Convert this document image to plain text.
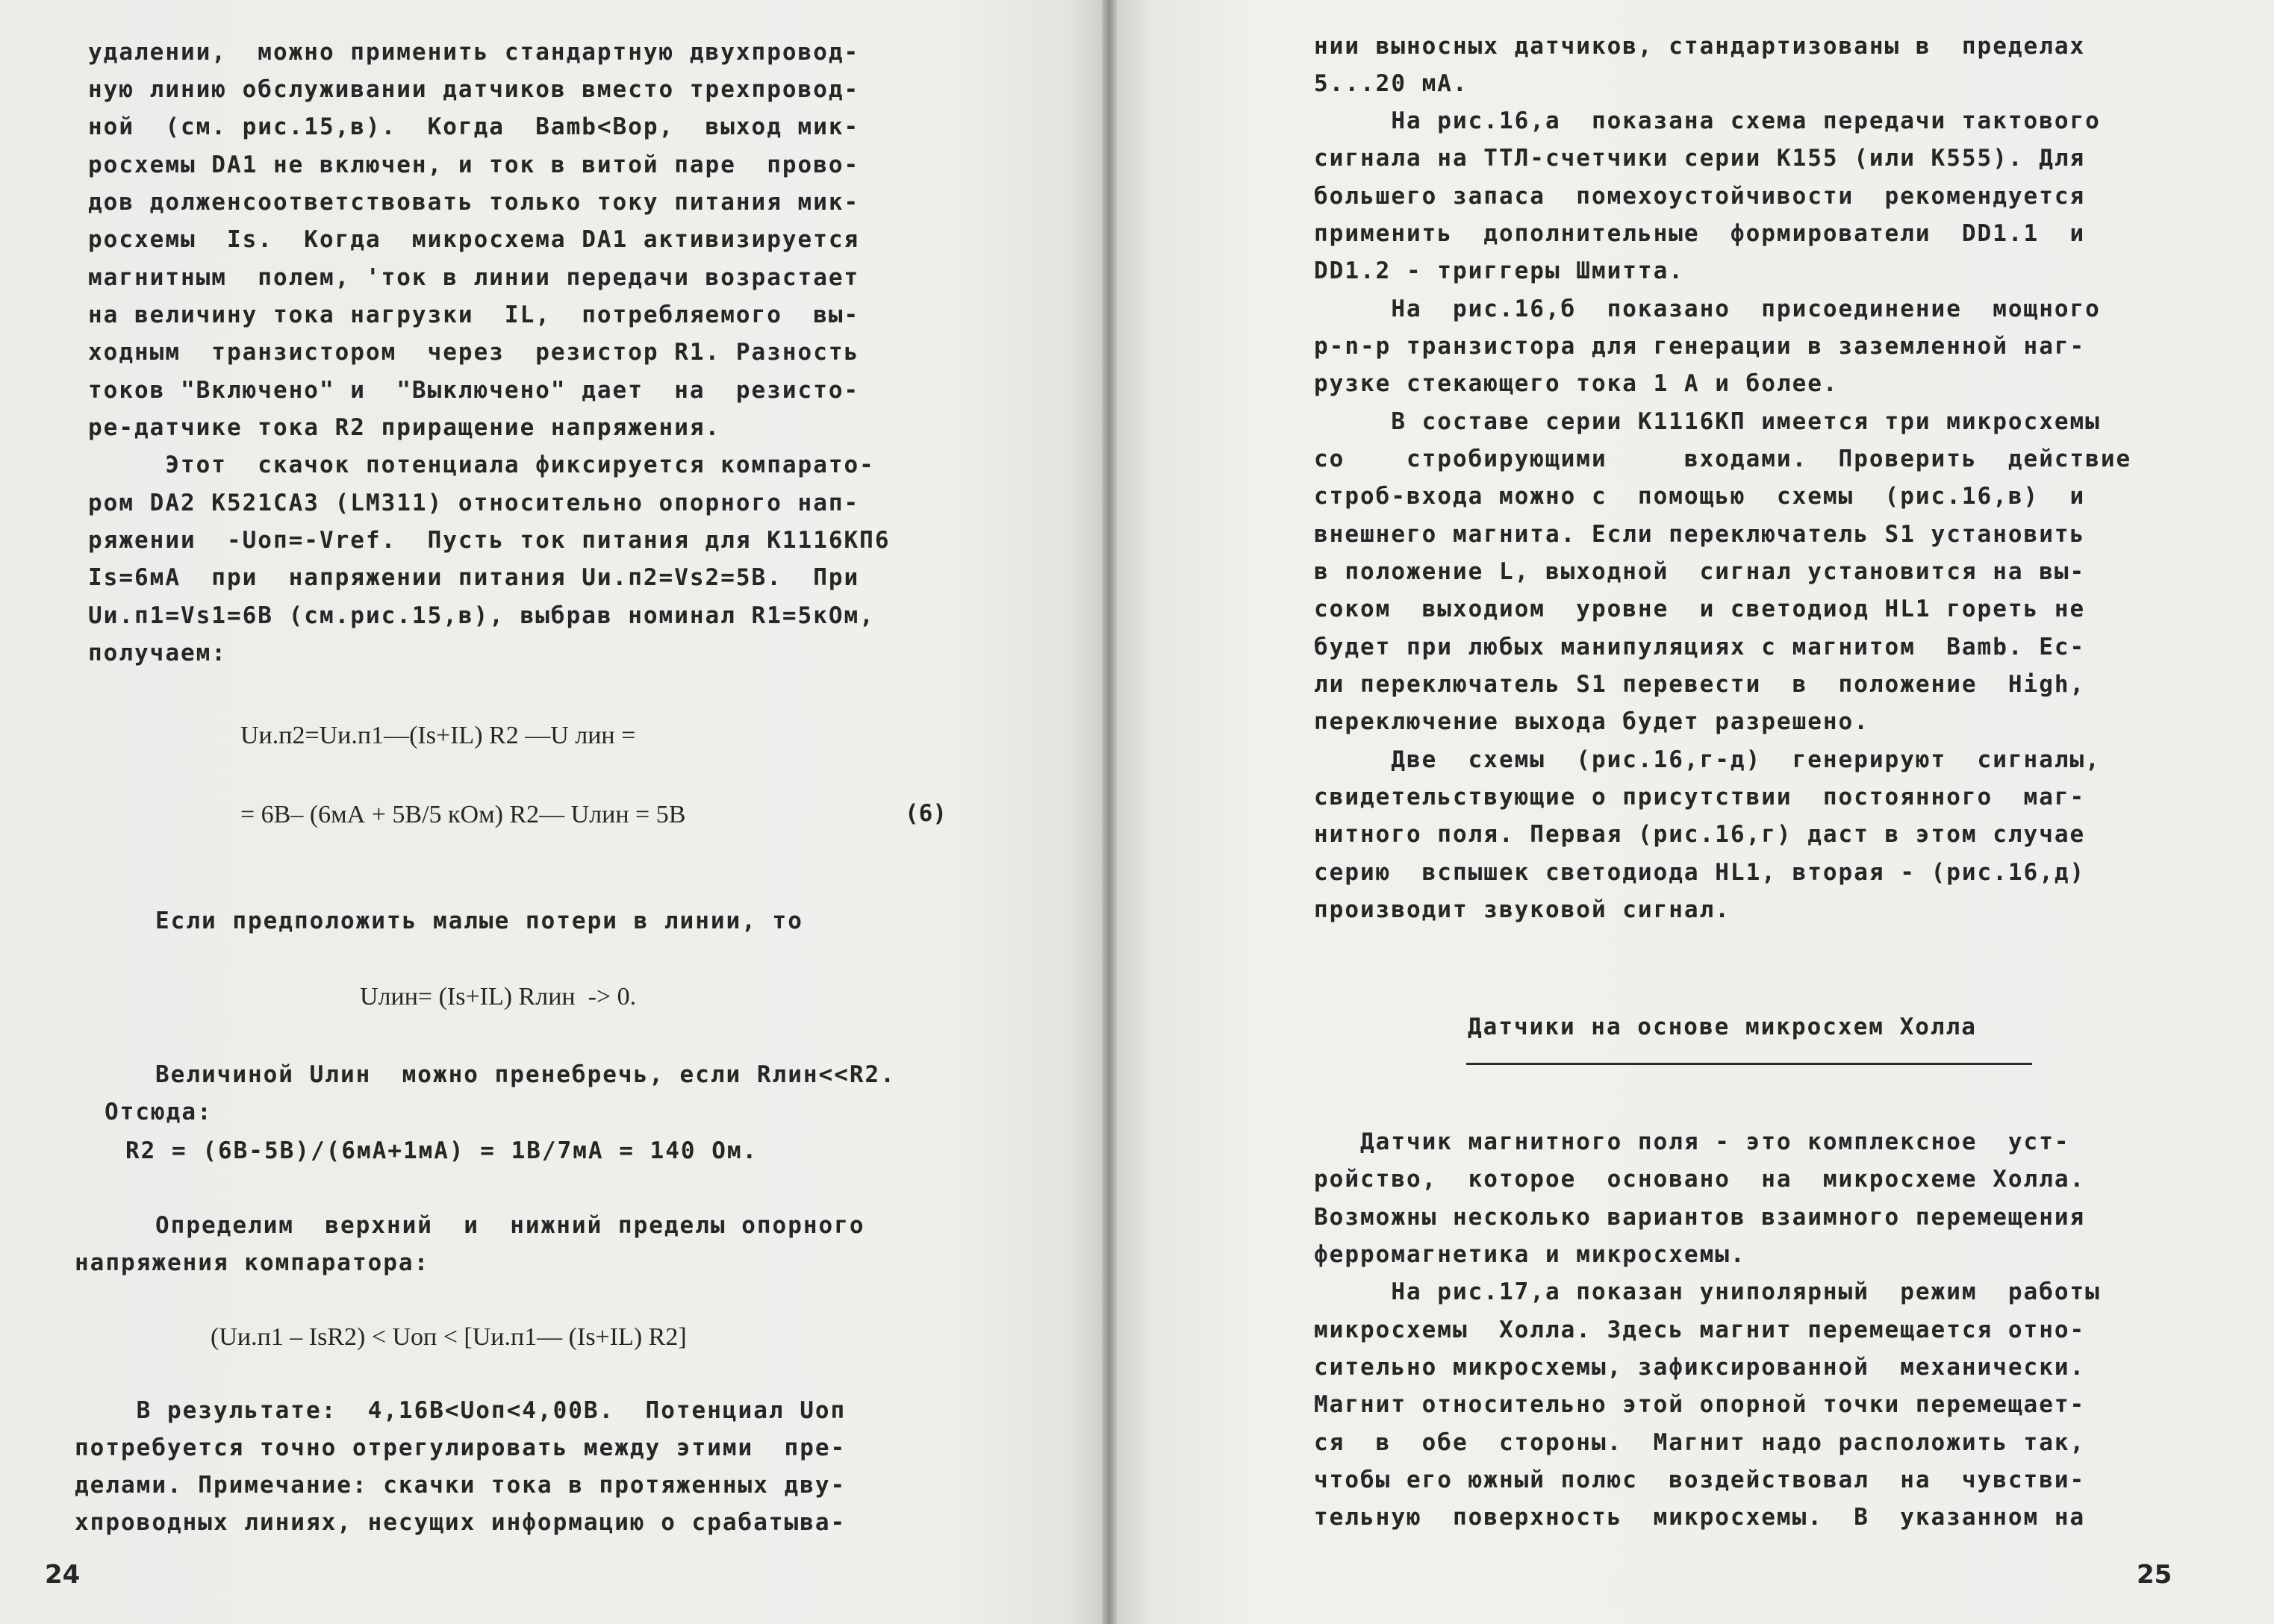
удалении,  можно применить стандартную двухпровод-
ную линию обслуживании датчиков вместо трехпровод-
ной  (см. рис.15,в).  Когда  Bamb<Bop,  выход мик-
росхемы DA1 не включен, и ток в витой паре  прово-
дов долженсоответствовать только току питания мик-
росхемы  Is.  Когда  микросхема DA1 активизируется
магнитным  полем, 'ток в линии передачи возрастает
на величину тока нагрузки  IL,  потребляемого  вы-
ходным  транзистором  через  резистор R1. Разность
токов "Включено" и  "Выключено" дает  на  резисто-
ре-датчике тока R2 приращение напряжения.
Этот  скачок потенциала фиксируется компарато-
ром DA2 K521CA3 (LM311) относительно опорного нап-
ряжении  -Uоп=-Vref.  Пусть ток питания для K1116КП6
Is=6мА  при  напряжении питания Uи.п2=Vs2=5В.  При
Uи.п1=Vs1=6В (см.рис.15,в), выбрав номинал R1=5кОм,
получаем:
Uи.п2=Uи.п1—(Is+IL) R2 —U лин =
= 6В– (6мА + 5В/5 кОм) R2— Uлин = 5В	(6)
Если предположить малые потери в линии, то
Uлин= (Is+IL) Rлин  -> 0.
Величиной Uлин  можно пренебречь, если Rлин<<R2.
Отсюда:
R2 = (6В-5В)/(6мА+1мА) = 1В/7мА = 140 Ом.
Определим  верхний  и  нижний пределы опорного
напряжения компаратора:
(Uи.п1 – IsR2) < Uоп < [Uи.п1— (Is+IL) R2]
В результате:  4,16В<Uоп<4,00В.  Потенциал Uоп
потребуется точно отрегулировать между этими  пре-
делами. Примечание: скачки тока в протяженных дву-
хпроводных линиях, несущих информацию о срабатыва-
24
нии выносных датчиков, стандартизованы в  пределах
5...20 мА.
На рис.16,а  показана схема передачи тактового
сигнала на ТТЛ-счетчики серии К155 (или К555). Для
большего запаса  помехоустойчивости  рекомендуется
применить  дополнительные  формирователи  DD1.1  и
DD1.2 - триггеры Шмитта.
На  рис.16,б  показано  присоединение  мощного
p-n-p транзистора для генерации в заземленной наг-
рузке стекающего тока 1 А и более.
В составе серии К1116КП имеется три микросхемы
со    стробирующими     входами.  Проверить  действие
строб-входа можно с  помощью  схемы  (рис.16,в)  и
внешнего магнита. Если переключатель S1 установить
в положение L, выходной  сигнал установится на вы-
соком  выходиом  уровне  и светодиод HL1 гореть не
будет при любых манипуляциях с магнитом  Bamb. Ес-
ли переключатель S1 перевести  в  положение  High,
переключение выхода будет разрешено.
Две  схемы  (рис.16,г-д)  генерируют  сигналы,
свидетельствующие о присутствии  постоянного  маг-
нитного поля. Первая (рис.16,г) даст в этом случае
серию  вспышек светодиода HL1, вторая - (рис.16,д)
производит звуковой сигнал.
Датчики на основе микросхем Холла
Датчик магнитного поля - это комплексное  уст-
ройство,  которое  основано  на  микросхеме Холла.
Возможны несколько вариантов взаимного перемещения
ферромагнетика и микросхемы.
На рис.17,а показан униполярный  режим  работы
микросхемы  Холла. Здесь магнит перемещается отно-
сительно микросхемы, зафиксированной  механически.
Магнит относительно этой опорной точки перемещает-
ся  в  обе  стороны.  Магнит надо расположить так,
чтобы его южный полюс  воздействовал  на  чувстви-
тельную  поверхность  микросхемы.  В  указанном на
25
